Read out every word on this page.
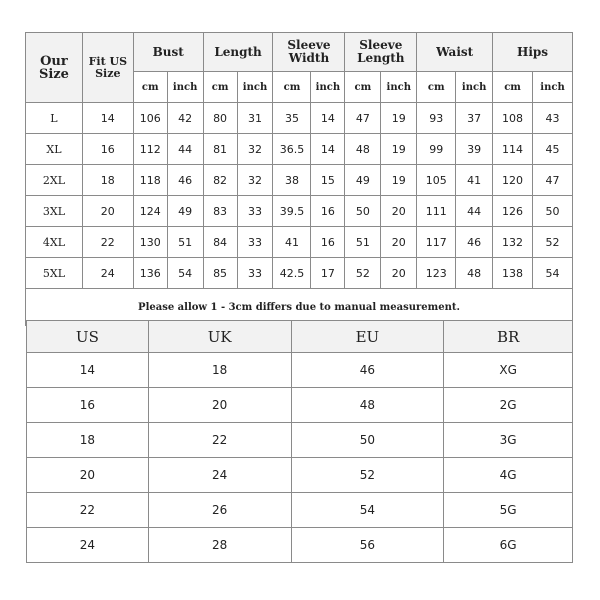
Our Size	Fit US Size	Bust		Length		Sleeve Width		Sleeve Length		Waist		Hips	
		cm	inch	cm	inch	cm	inch	cm	inch	cm	inch	cm	inch
L	14	106	42	80	31	35	14	47	19	93	37	108	43
XL	16	112	44	81	32	36.5	14	48	19	99	39	114	45
2XL	18	118	46	82	32	38	15	49	19	105	41	120	47
3XL	20	124	49	83	33	39.5	16	50	20	111	44	126	50
4XL	22	130	51	84	33	41	16	51	20	117	46	132	52
5XL	24	136	54	85	33	42.5	17	52	20	123	48	138	54
Please allow 1 - 3cm differs due to manual measurement.													
US	UK	EU	BR
14	18	46	XG
16	20	48	2G
18	22	50	3G
20	24	52	4G
22	26	54	5G
24	28	56	6G
